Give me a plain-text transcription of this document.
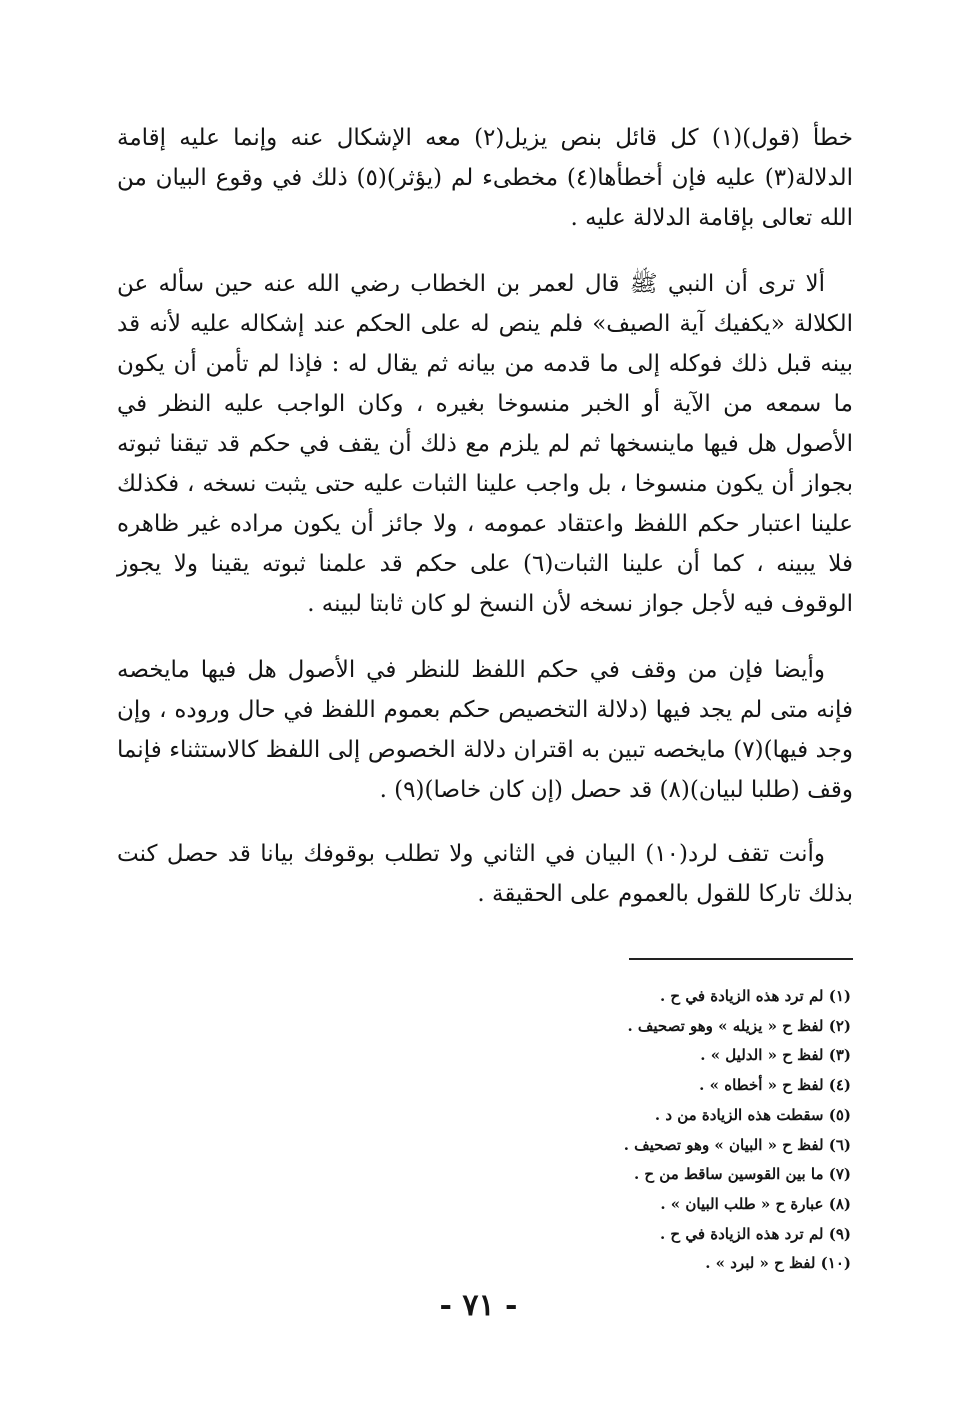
خطأ (قول)(١) كل قائل بنص يزيل(٢) معه الإشكال عنه وإنما عليه إقامة الدلالة(٣) عليه فإن أخطأها(٤) مخطىء لم (يؤثر)(٥) ذلك في وقوع البيان من الله تعالى بإقامة الدلالة عليه .

ألا ترى أن النبي ﷺ قال لعمر بن الخطاب رضي الله عنه حين سأله عن الكلالة «يكفيك آية الصيف» فلم ينص له على الحكم عند إشكاله عليه لأنه قد بينه قبل ذلك فوكله إلى ما قدمه من بيانه ثم يقال له : فإذا لم تأمن أن يكون ما سمعه من الآية أو الخبر منسوخا بغيره ، وكان الواجب عليه النظر في الأصول هل فيها ماينسخها ثم لم يلزم مع ذلك أن يقف في حكم قد تيقنا ثبوته بجواز أن يكون منسوخا ، بل واجب علينا الثبات عليه حتى يثبت نسخه ، فكذلك علينا اعتبار حكم اللفظ واعتقاد عمومه ، ولا جائز أن يكون مراده غير ظاهره فلا يبينه ، كما أن علينا الثبات(٦) على حكم قد علمنا ثبوته يقينا ولا يجوز الوقوف فيه لأجل جواز نسخه لأن النسخ لو كان ثابتا لبينه .

وأيضا فإن من وقف في حكم اللفظ للنظر في الأصول هل فيها مايخصه فإنه متى لم يجد فيها (دلالة التخصيص حكم بعموم اللفظ في حال وروده ، وإن وجد فيها)(٧) مايخصه تبين به اقتران دلالة الخصوص إلى اللفظ كالاستثناء فإنما وقف (طلبا لبيان)(٨) قد حصل (إن كان خاصا)(٩) .

وأنت تقف لرد(١٠) البيان في الثاني ولا تطلب بوقوفك بيانا قد حصل كنت بذلك تاركا للقول بالعموم على الحقيقة .

(١) لم ترد هذه الزيادة في ح .
(٢) لفظ ح « يزيله » وهو تصحيف .
(٣) لفظ ح « الدليل » .
(٤) لفظ ح « أخطاه » .
(٥) سقطت هذه الزيادة من د .
(٦) لفظ ح « البيان » وهو تصحيف .
(٧) ما بين القوسين ساقط من ح .
(٨) عبارة ح « طلب البيان » .
(٩) لم ترد هذه الزيادة في ح .
(١٠) لفظ ح « لبرد » .
- ٧١ -
